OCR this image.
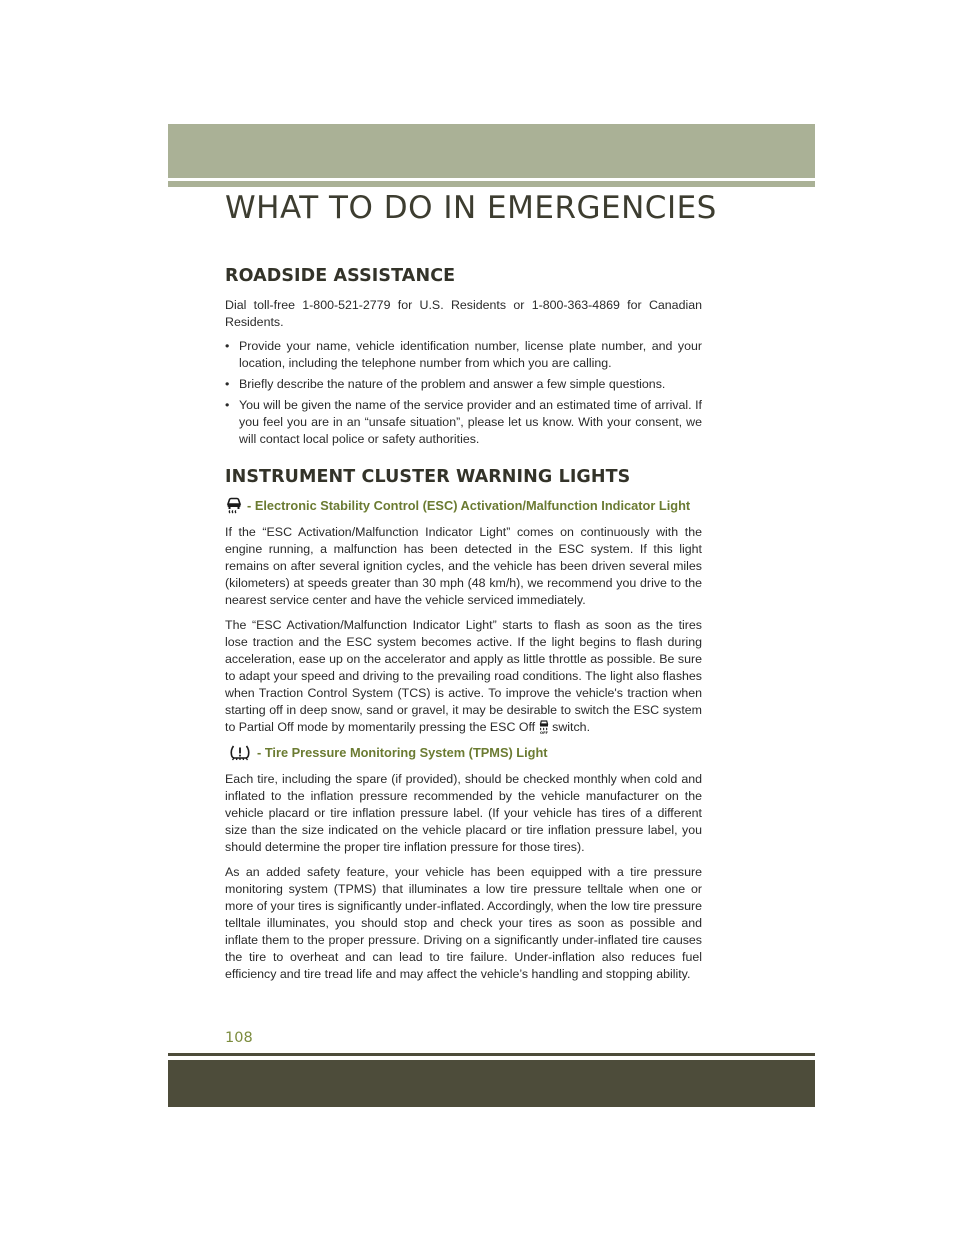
WHAT TO DO IN EMERGENCIES
ROADSIDE ASSISTANCE

Dial toll-free 1-800-521-2779 for U.S. Residents or 1-800-363-4869 for Canadian Residents.

• Provide your name, vehicle identification number, license plate number, and your location, including the telephone number from which you are calling.
• Briefly describe the nature of the problem and answer a few simple questions.
• You will be given the name of the service provider and an estimated time of arrival. If you feel you are in an “unsafe situation”, please let us know. With your consent, we will contact local police or safety authorities.
INSTRUMENT CLUSTER WARNING LIGHTS
- Electronic Stability Control (ESC) Activation/Malfunction Indicator Light

If the “ESC Activation/Malfunction Indicator Light” comes on continuously with the engine running, a malfunction has been detected in the ESC system. If this light remains on after several ignition cycles, and the vehicle has been driven several miles (kilometers) at speeds greater than 30 mph (48 km/h), we recommend you drive to the nearest service center and have the vehicle serviced immediately.

The “ESC Activation/Malfunction Indicator Light” starts to flash as soon as the tires lose traction and the ESC system becomes active. If the light begins to flash during acceleration, ease up on the accelerator and apply as little throttle as possible. Be sure to adapt your speed and driving to the prevailing road conditions. The light also flashes when Traction Control System (TCS) is active. To improve the vehicle's traction when starting off in deep snow, sand or gravel, it may be desirable to switch the ESC system to Partial Off mode by momentarily pressing the ESC Off OFF switch.

- Tire Pressure Monitoring System (TPMS) Light

Each tire, including the spare (if provided), should be checked monthly when cold and inflated to the inflation pressure recommended by the vehicle manufacturer on the vehicle placard or tire inflation pressure label. (If your vehicle has tires of a different size than the size indicated on the vehicle placard or tire inflation pressure label, you should determine the proper tire inflation pressure for those tires).

As an added safety feature, your vehicle has been equipped with a tire pressure monitoring system (TPMS) that illuminates a low tire pressure telltale when one or more of your tires is significantly under-inflated. Accordingly, when the low tire pressure telltale illuminates, you should stop and check your tires as soon as possible and inflate them to the proper pressure. Driving on a significantly under-inflated tire causes the tire to overheat and can lead to tire failure. Under-inflation also reduces fuel efficiency and tire tread life and may affect the vehicle’s handling and stopping ability.

108
